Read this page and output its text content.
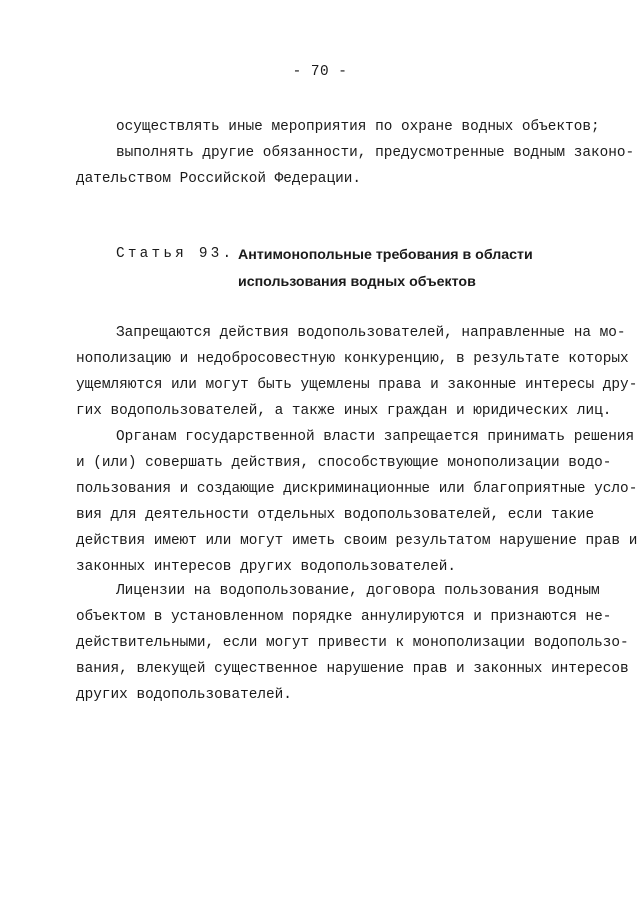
- 70 -
осуществлять иные мероприятия по охране водных объектов;
выполнять другие обязанности, предусмотренные водным законо-
дательством Российской Федерации.
Статья 93. Антимонопольные требования в области
использования водных объектов
Запрещаются действия водопользователей, направленные на мо-
нополизацию и недобросовестную конкуренцию, в результате которых
ущемляются или могут быть ущемлены права и законные интересы дру-
гих водопользователей, а также иных граждан и юридических лиц.
Органам государственной власти запрещается принимать решения
и (или) совершать действия, способствующие монополизации водо-
пользования и создающие дискриминационные или благоприятные усло-
вия для деятельности отдельных водопользователей, если такие
действия имеют или могут иметь своим результатом нарушение прав и
законных интересов других водопользователей.
Лицензии на водопользование, договора пользования водным
объектом в установленном порядке аннулируются и признаются не-
действительными, если могут привести к монополизации водопользо-
вания, влекущей существенное нарушение прав и законных интересов
других водопользователей.
